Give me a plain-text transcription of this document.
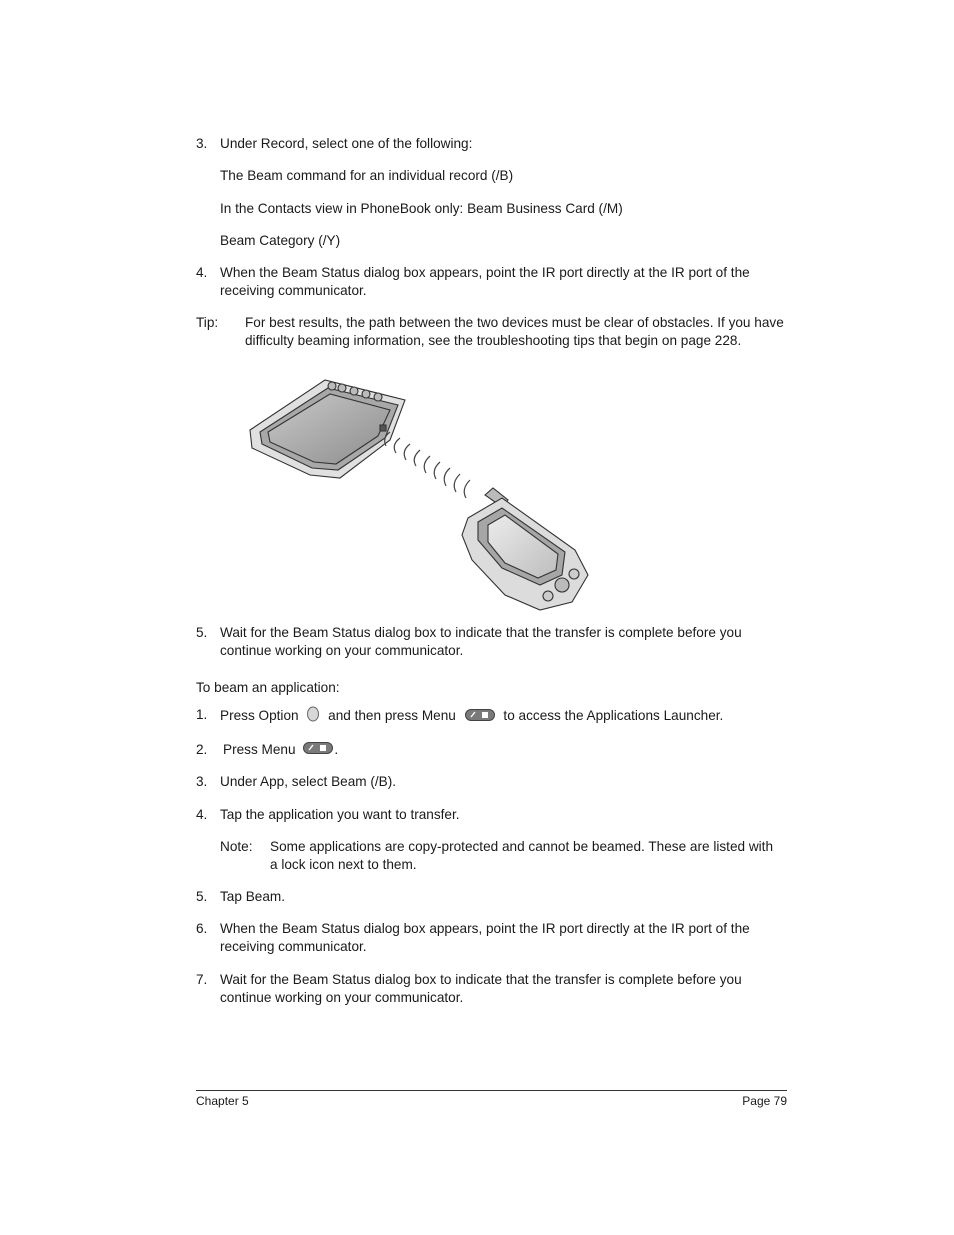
3. Under Record, select one of the following:
The Beam command for an individual record (/B)
In the Contacts view in PhoneBook only: Beam Business Card (/M)
Beam Category (/Y)
4. When the Beam Status dialog box appears, point the IR port directly at the IR port of the
receiving communicator.
Tip: For best results, the path between the two devices must be clear of obstacles. If you have
difficulty beaming information, see the troubleshooting tips that begin on page 228.
5. Wait for the Beam Status dialog box to indicate that the transfer is complete before you
continue working on your communicator.
To beam an application:
1. Press Option and then press Menu	to access the Applications Launcher.
2. Press Menu	.
3. Under App, select Beam (/B).
4. Tap the application you want to transfer.
Note: Some applications are copy-protected and cannot be beamed. These are listed with
a lock icon next to them.
5. Tap Beam.
6. When the Beam Status dialog box appears, point the IR port directly at the IR port of the
receiving communicator.
7. Wait for the Beam Status dialog box to indicate that the transfer is complete before you
continue working on your communicator.
Chapter 5	Page 79
